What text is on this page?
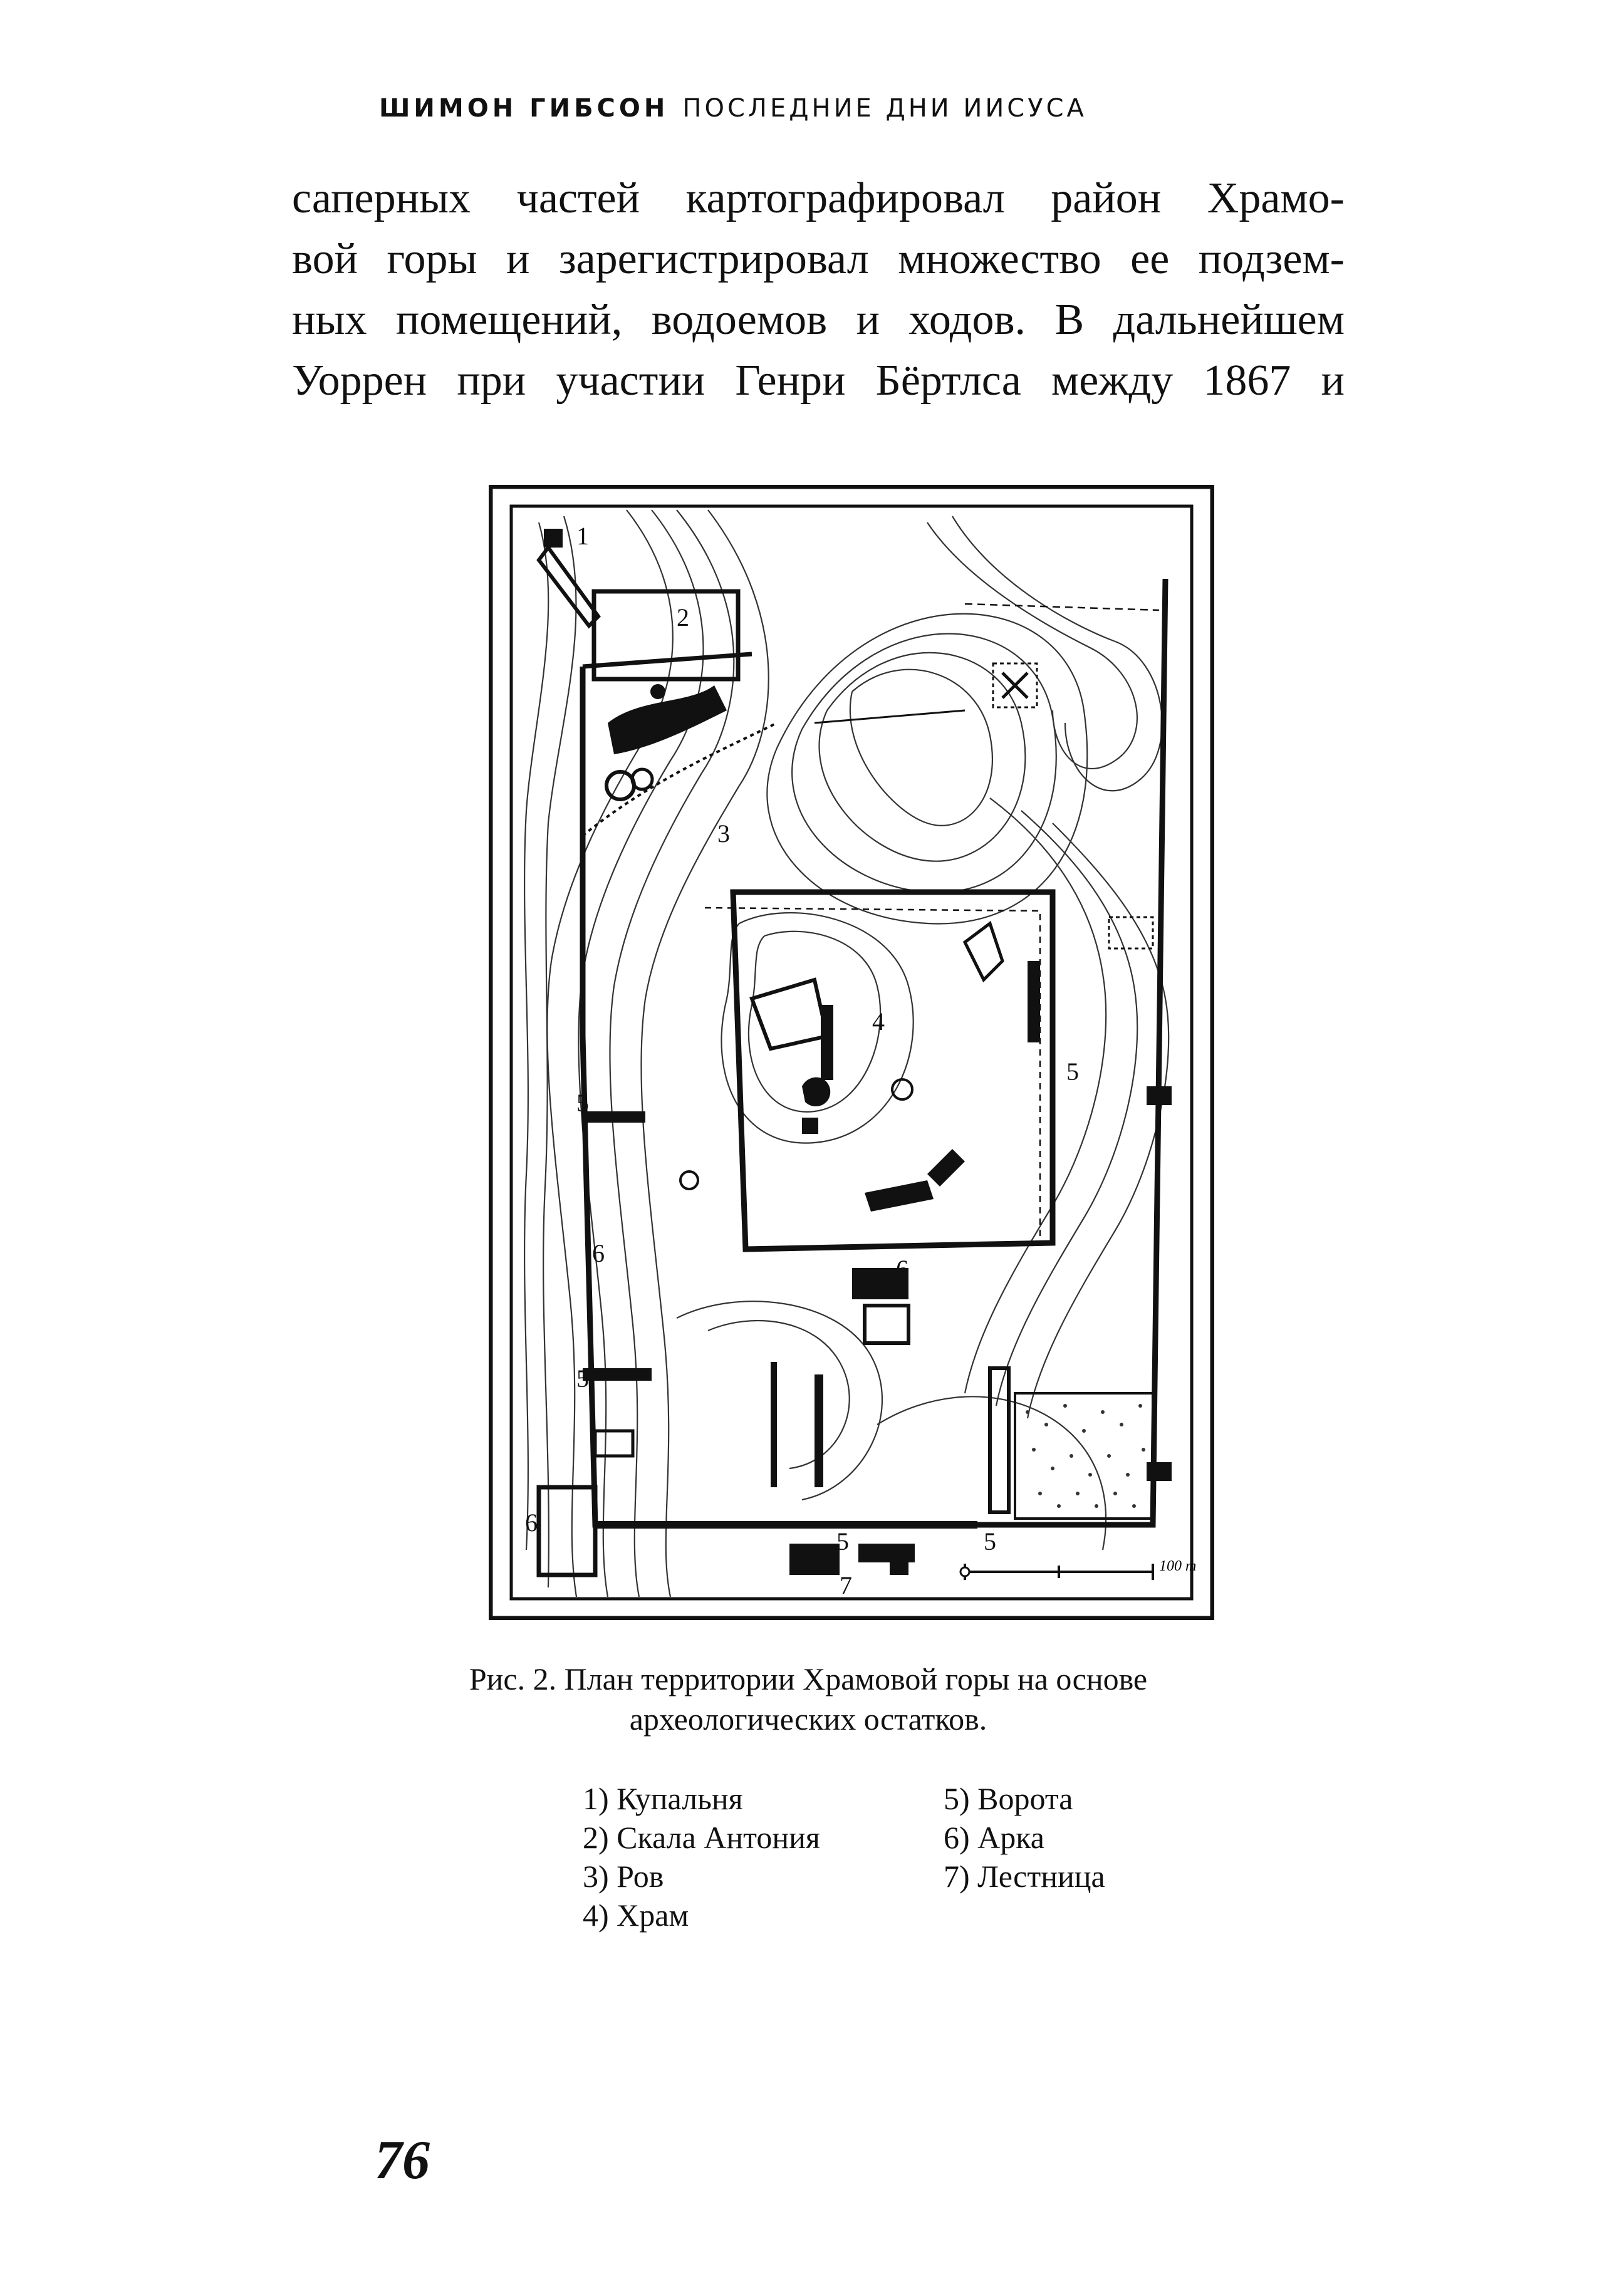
ШИМОН ГИБСОН ПОСЛЕДНИЕ ДНИ ИИСУСА
саперных частей картографировал район Храмо-
вой горы и зарегистрировал множество ее подзем-
ных помещений, водоемов и ходов. В дальнейшем
Уоррен при участии Генри Бёртлса между 1867 и
100 m
1
2
3
4
5
5
5
5	5
6
6
6
7
Рис. 2. План территории Храмовой горы на основе
археологических остатков.
1) Купальня
2) Скала Антония
3) Ров
4) Храм
5) Ворота
6) Арка
7) Лестница
76
